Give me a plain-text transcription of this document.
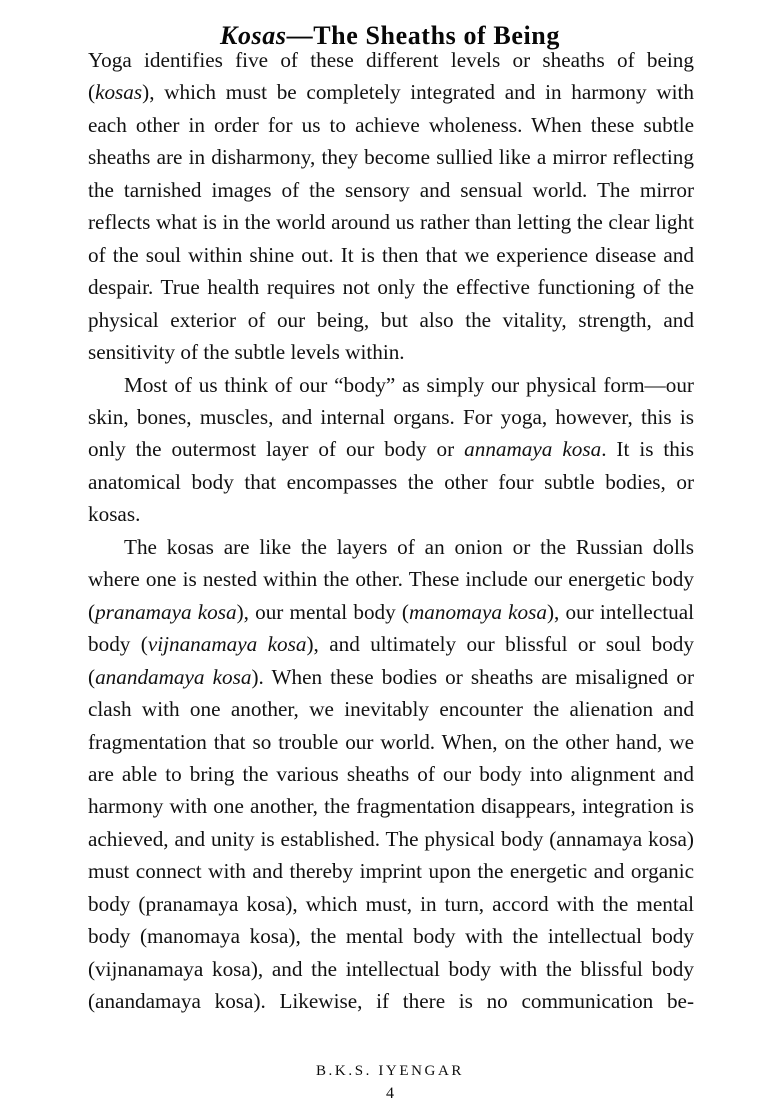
Kosas—The Sheaths of Being

Yoga identifies five of these different levels or sheaths of being (kosas), which must be completely integrated and in harmony with each other in order for us to achieve wholeness. When these subtle sheaths are in disharmony, they become sullied like a mirror reflecting the tarnished images of the sensory and sensual world. The mirror reflects what is in the world around us rather than letting the clear light of the soul within shine out. It is then that we experience disease and despair. True health requires not only the effective functioning of the physical exterior of our being, but also the vitality, strength, and sensitivity of the subtle levels within.

Most of us think of our “body” as simply our physical form—our skin, bones, muscles, and internal organs. For yoga, however, this is only the outermost layer of our body or annamaya kosa. It is this anatomical body that encompasses the other four subtle bodies, or kosas.

The kosas are like the layers of an onion or the Russian dolls where one is nested within the other. These include our energetic body (pranamaya kosa), our mental body (manomaya kosa), our intellectual body (vijnanamaya kosa), and ultimately our blissful or soul body (anandamaya kosa). When these bodies or sheaths are misaligned or clash with one another, we inevitably encounter the alienation and fragmentation that so trouble our world. When, on the other hand, we are able to bring the various sheaths of our body into alignment and harmony with one another, the fragmentation disappears, integration is achieved, and unity is established. The physical body (annamaya kosa) must connect with and thereby imprint upon the energetic and organic body (pranamaya kosa), which must, in turn, accord with the mental body (manomaya kosa), the mental body with the intellectual body (vijnanamaya kosa), and the intellectual body with the blissful body (anandamaya kosa). Likewise, if there is no communication be-

B.K.S. IYENGAR
4
